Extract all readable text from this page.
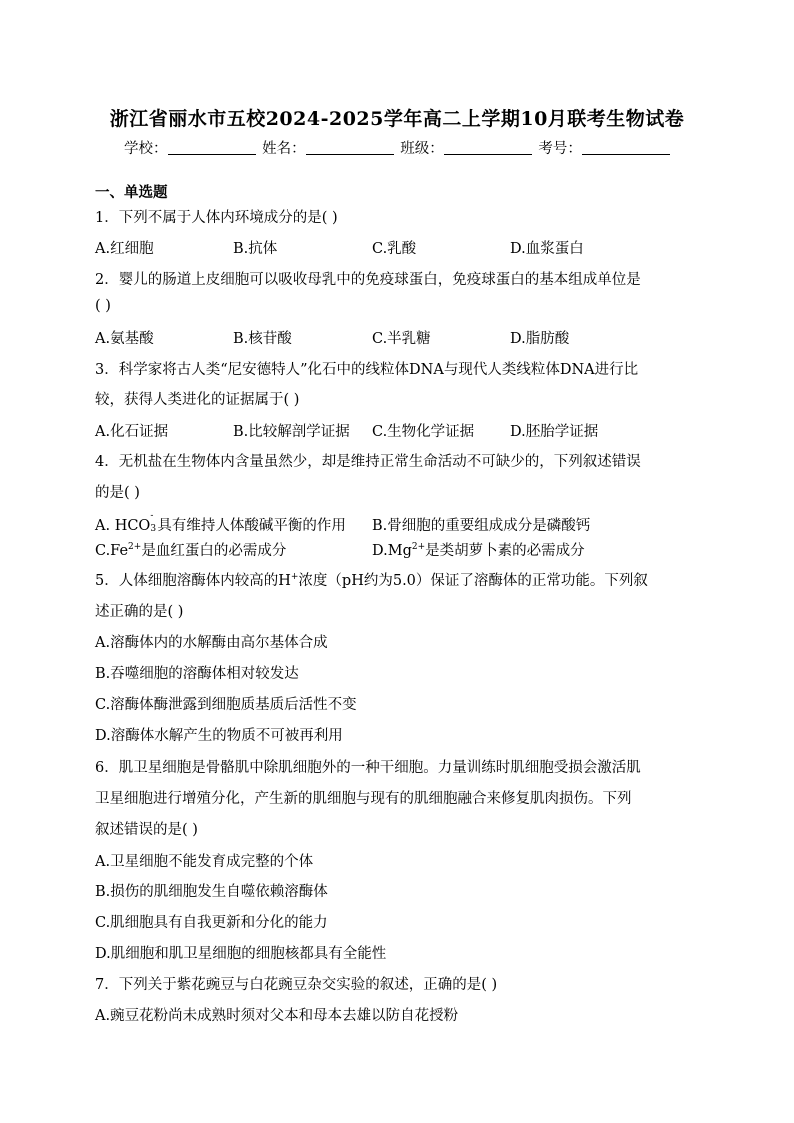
浙江省丽水市五校2024-2025学年高二上学期10月联考生物试卷
学校：	姓名：	班级：	考号：
一、单选题
1．下列不属于人体内环境成分的是( )
A.红细胞	B.抗体	C.乳酸	D.血浆蛋白
2．婴儿的肠道上皮细胞可以吸收母乳中的免疫球蛋白，免疫球蛋白的基本组成单位是
( )
A.氨基酸	B.核苷酸	C.半乳糖	D.脂肪酸
3．科学家将古人类“尼安德特人”化石中的线粒体DNA与现代人类线粒体DNA进行比
较，获得人类进化的证据属于( )
A.化石证据	B.比较解剖学证据 C.生物化学证据 D.胚胎学证据
4．无机盐在生物体内含量虽然少，却是维持正常生命活动不可缺少的，下列叙述错误
的是( )
A. HCO
-
3 具有维持人体酸碱平衡的作用 B.骨细胞的重要组成成分是磷酸钙
$C.Fe^{2+}$是血红蛋白的必需成分	$D.Mg^{2+}$是类胡萝卜素的必需成分
5．人体细胞溶酶体内较高的H+浓度（pH约为5.0）保证了溶酶体的正常功能。下列叙
述正确的是( )
A.溶酶体内的水解酶由高尔基体合成
B.吞噬细胞的溶酶体相对较发达
C.溶酶体酶泄露到细胞质基质后活性不变
D.溶酶体水解产生的物质不可被再利用
6．肌卫星细胞是骨骼肌中除肌细胞外的一种干细胞。力量训练时肌细胞受损会激活肌
卫星细胞进行增殖分化，产生新的肌细胞与现有的肌细胞融合来修复肌肉损伤。下列
叙述错误的是( )
A.卫星细胞不能发育成完整的个体
B.损伤的肌细胞发生自噬依赖溶酶体
C.肌细胞具有自我更新和分化的能力
D.肌细胞和肌卫星细胞的细胞核都具有全能性
7．下列关于紫花豌豆与白花豌豆杂交实验的叙述，正确的是( )
A.豌豆花粉尚未成熟时须对父本和母本去雄以防自花授粉
